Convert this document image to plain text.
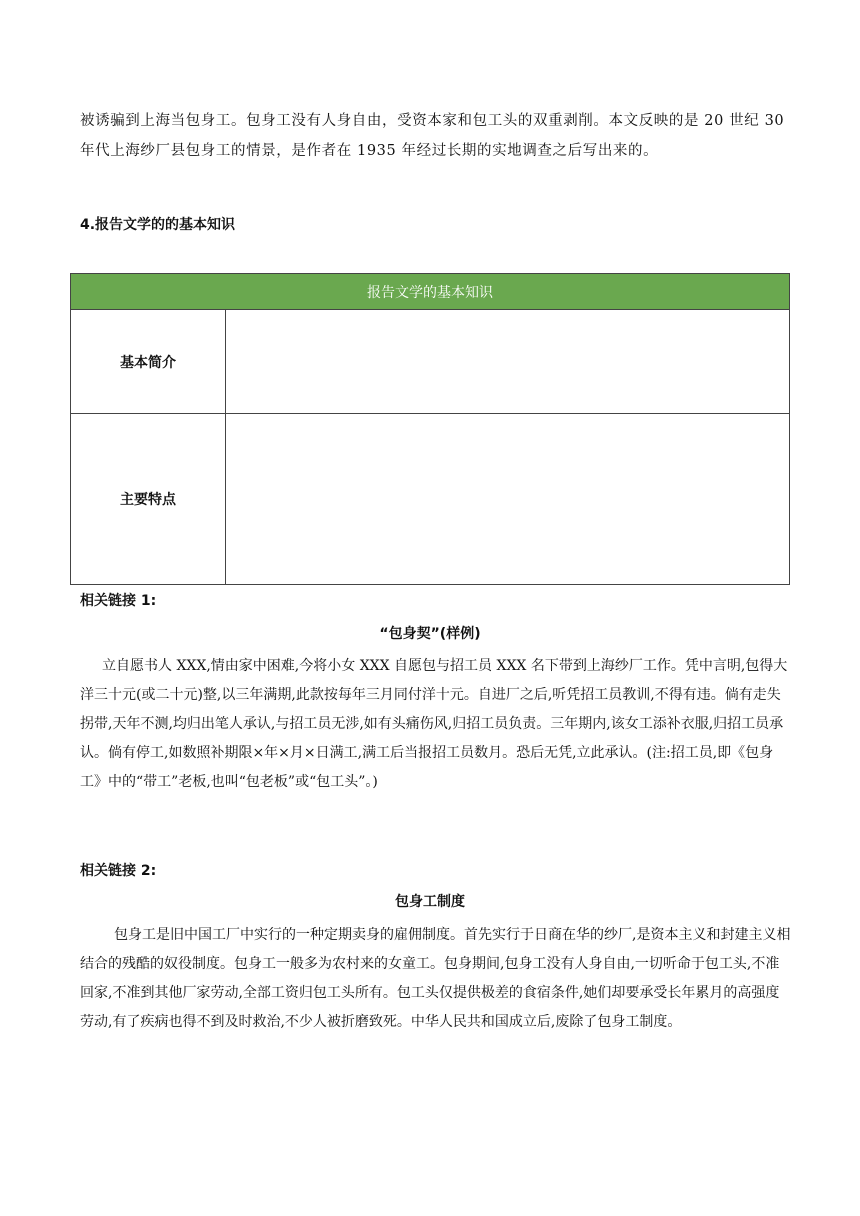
被诱骗到上海当包身工。包身工没有人身自由，受资本家和包工头的双重剥削。本文反映的是 20 世纪 30 年代上海纱厂县包身工的情景，是作者在 1935 年经过长期的实地调查之后写出来的。
4.报告文学的的基本知识
报告文学的基本知识	
基本简介	
主要特点	
相关链接 1:
“包身契”(样例)
立自愿书人 XXX,情由家中困难,今将小女 XXX 自愿包与招工员 XXX 名下带到上海纱厂工作。凭中言明,包得大洋三十元(或二十元)整,以三年满期,此款按每年三月同付洋十元。自进厂之后,听凭招工员教训,不得有违。倘有走失拐带,天年不测,均归出笔人承认,与招工员无涉,如有头痛伤风,归招工员负责。三年期内,该女工添补衣服,归招工员承认。倘有停工,如数照补期限×年×月×日满工,满工后当报招工员数月。恐后无凭,立此承认。(注:招工员,即《包身工》中的“带工”老板,也叫“包老板”或“包工头”。)
相关链接 2:
包身工制度
包身工是旧中国工厂中实行的一种定期卖身的雇佣制度。首先实行于日商在华的纱厂,是资本主义和封建主义相结合的残酷的奴役制度。包身工一般多为农村来的女童工。包身期间,包身工没有人身自由,一切听命于包工头,不准回家,不准到其他厂家劳动,全部工资归包工头所有。包工头仅提供极差的食宿条件,她们却要承受长年累月的高强度劳动,有了疾病也得不到及时救治,不少人被折磨致死。中华人民共和国成立后,废除了包身工制度。
